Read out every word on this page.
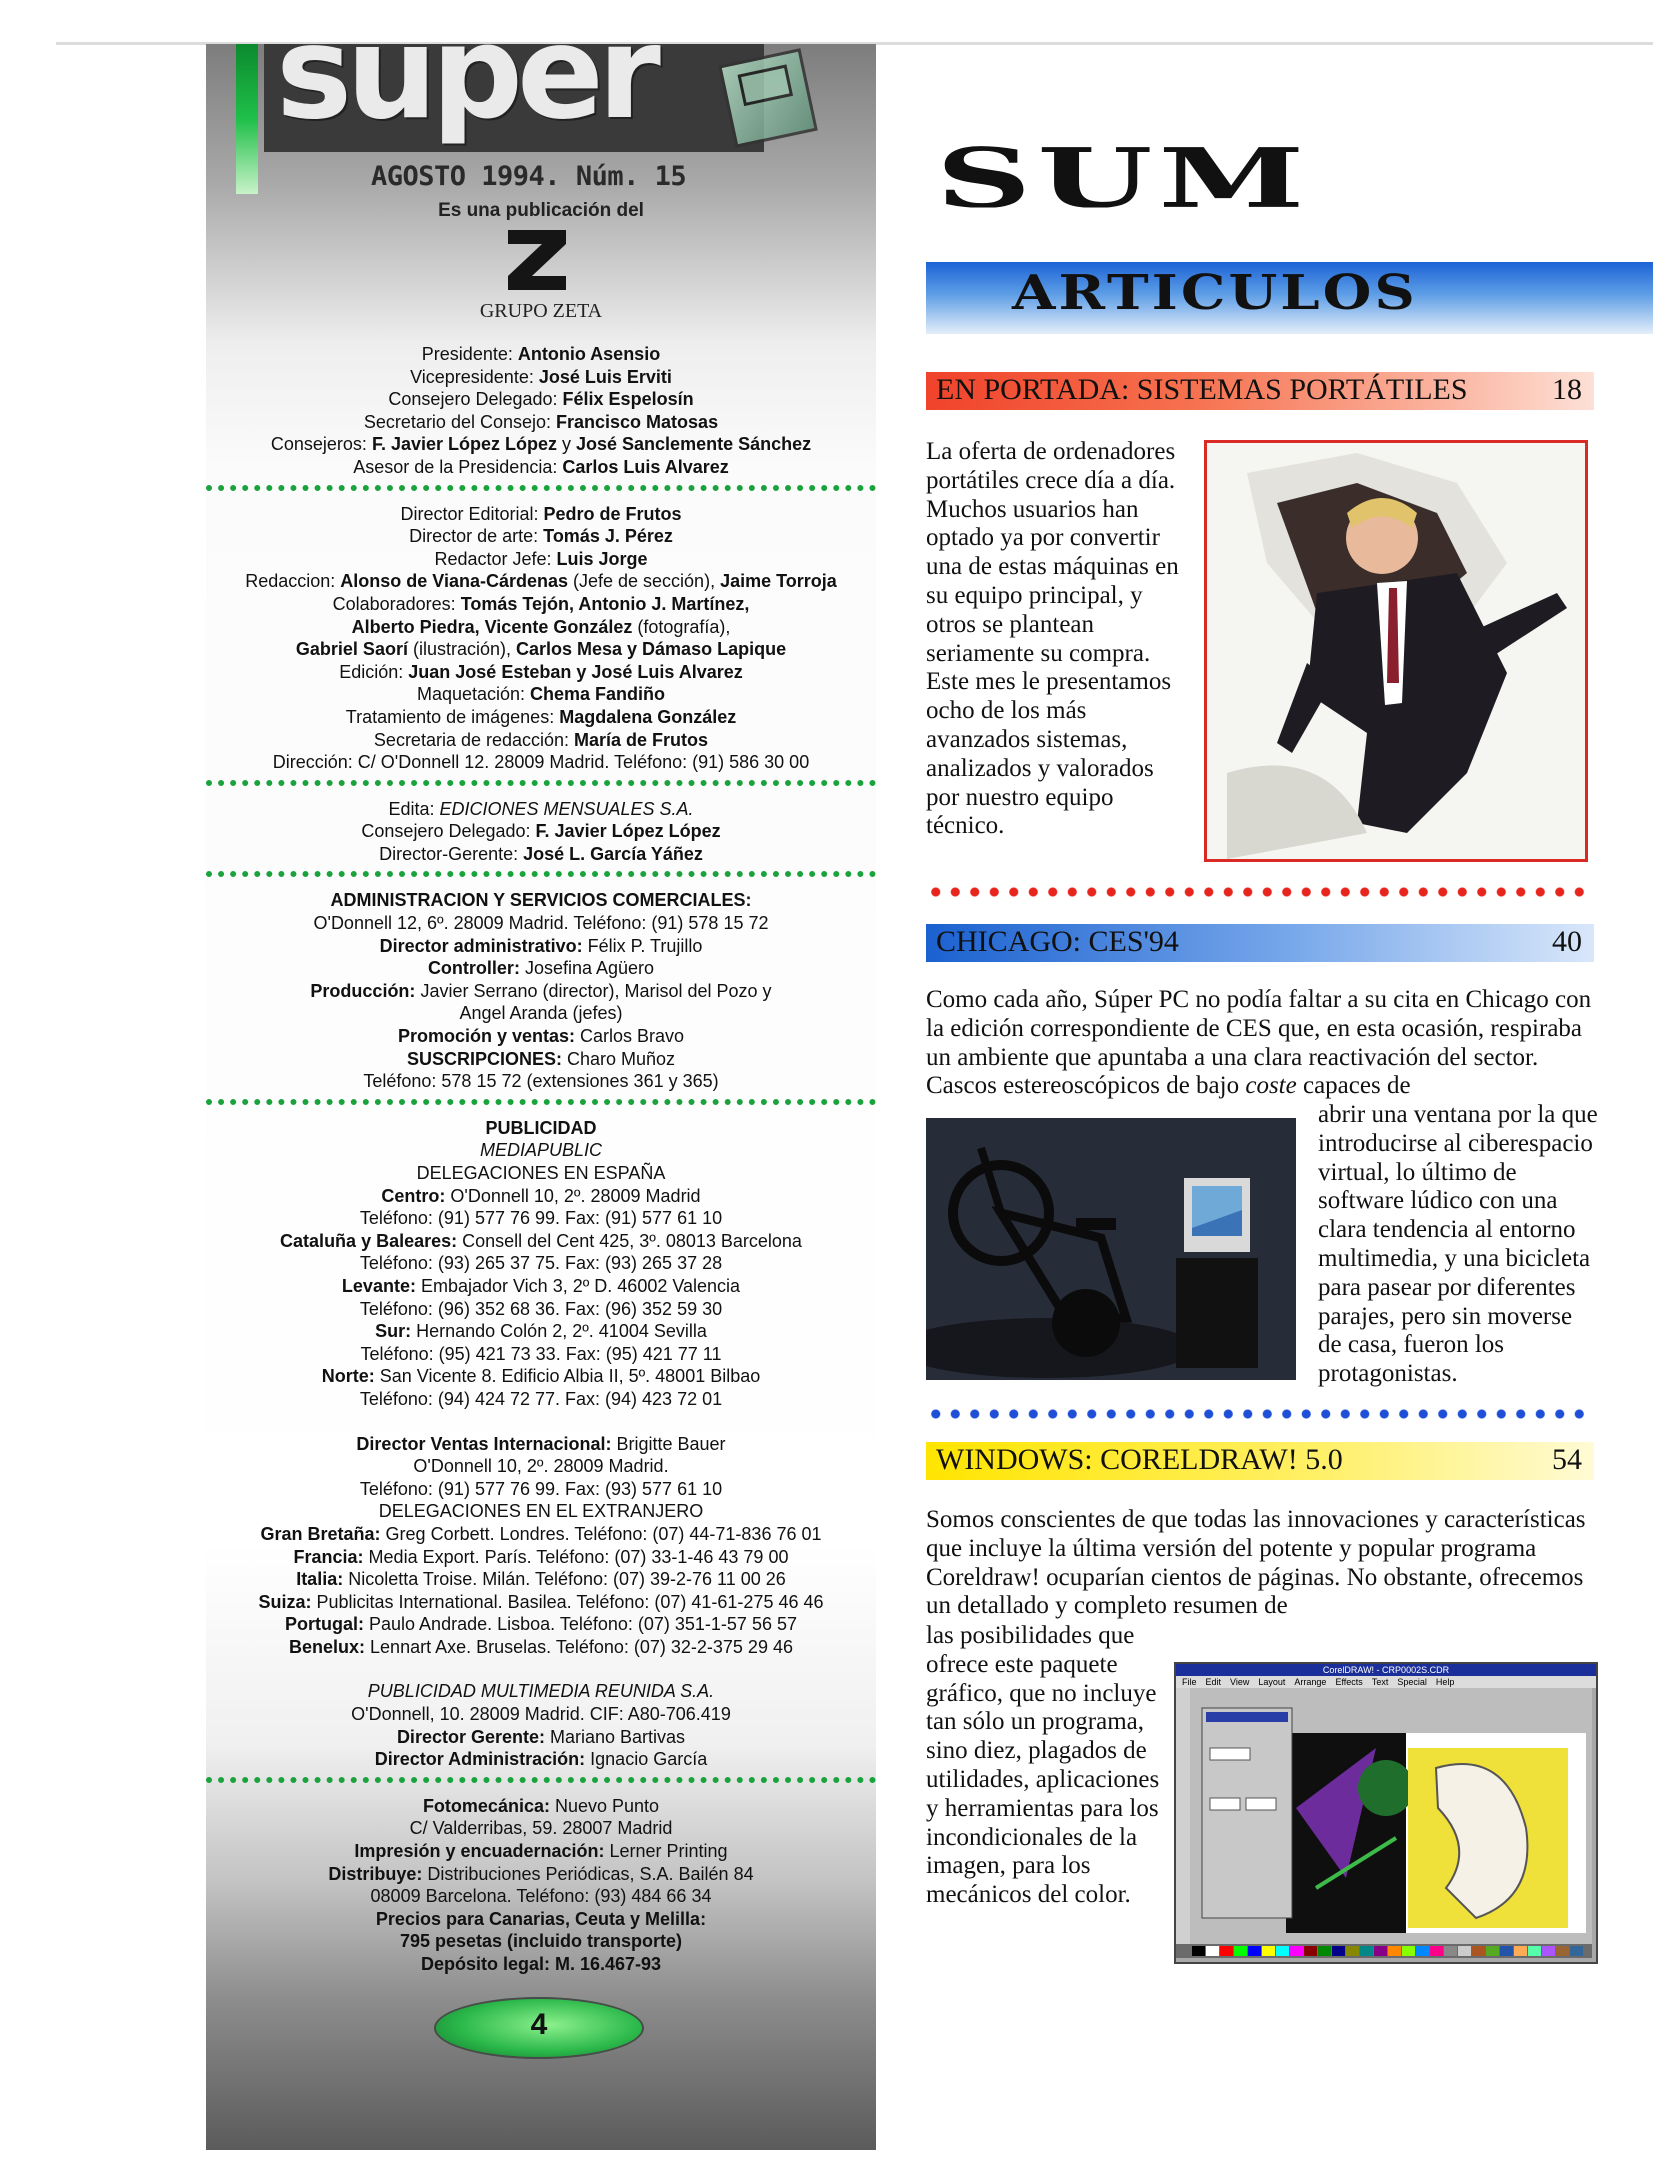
super
AGOSTO 1994. Núm. 15
Es una publicación del
GRUPO ZETA
Presidente: Antonio Asensio
Vicepresidente: José Luis Erviti
Consejero Delegado: Félix Espelosín
Secretario del Consejo: Francisco Matosas
Consejeros: F. Javier López López y José Sanclemente Sánchez
Asesor de la Presidencia: Carlos Luis Alvarez
Director Editorial: Pedro de Frutos
Director de arte: Tomás J. Pérez
Redactor Jefe: Luis Jorge
Redaccion: Alonso de Viana-Cárdenas (Jefe de sección), Jaime Torroja
Colaboradores: Tomás Tejón, Antonio J. Martínez,
Alberto Piedra, Vicente González (fotografía),
Gabriel Saorí (ilustración), Carlos Mesa y Dámaso Lapique
Edición: Juan José Esteban y José Luis Alvarez
Maquetación: Chema Fandiño
Tratamiento de imágenes: Magdalena González
Secretaria de redacción: María de Frutos
Dirección: C/ O'Donnell 12. 28009 Madrid. Teléfono: (91) 586 30 00
Edita: EDICIONES MENSUALES S.A.
Consejero Delegado: F. Javier López López
Director-Gerente: José L. García Yáñez
ADMINISTRACION Y SERVICIOS COMERCIALES:
O'Donnell 12, 6º. 28009 Madrid. Teléfono: (91) 578 15 72
Director administrativo: Félix P. Trujillo
Controller: Josefina Agüero
Producción: Javier Serrano (director), Marisol del Pozo y
Angel Aranda (jefes)
Promoción y ventas: Carlos Bravo
SUSCRIPCIONES: Charo Muñoz
Teléfono: 578 15 72 (extensiones 361 y 365)
PUBLICIDAD
MEDIAPUBLIC
DELEGACIONES EN ESPAÑA
Centro: O'Donnell 10, 2º. 28009 Madrid
Teléfono: (91) 577 76 99. Fax: (91) 577 61 10
Cataluña y Baleares: Consell del Cent 425, 3º. 08013 Barcelona
Teléfono: (93) 265 37 75. Fax: (93) 265 37 28
Levante: Embajador Vich 3, 2º D. 46002 Valencia
Teléfono: (96) 352 68 36. Fax: (96) 352 59 30
Sur: Hernando Colón 2, 2º. 41004 Sevilla
Teléfono: (95) 421 73 33. Fax: (95) 421 77 11
Norte: San Vicente 8. Edificio Albia II, 5º. 48001 Bilbao
Teléfono: (94) 424 72 77. Fax: (94) 423 72 01
Director Ventas Internacional: Brigitte Bauer
O'Donnell 10, 2º. 28009 Madrid.
Teléfono: (91) 577 76 99. Fax: (93) 577 61 10
DELEGACIONES EN EL EXTRANJERO
Gran Bretaña: Greg Corbett. Londres. Teléfono: (07) 44-71-836 76 01
Francia: Media Export. París. Teléfono: (07) 33-1-46 43 79 00
Italia: Nicoletta Troise. Milán. Teléfono: (07) 39-2-76 11 00 26
Suiza: Publicitas International. Basilea. Teléfono: (07) 41-61-275 46 46
Portugal: Paulo Andrade. Lisboa. Teléfono: (07) 351-1-57 56 57
Benelux: Lennart Axe. Bruselas. Teléfono: (07) 32-2-375 29 46
PUBLICIDAD MULTIMEDIA REUNIDA S.A.
O'Donnell, 10. 28009 Madrid. CIF: A80-706.419
Director Gerente: Mariano Bartivas
Director Administración: Ignacio García
Fotomecánica: Nuevo Punto
C/ Valderribas, 59. 28007 Madrid
Impresión y encuadernación: Lerner Printing
Distribuye: Distribuciones Periódicas, S.A. Bailén 84
08009 Barcelona. Teléfono: (93) 484 66 34
Precios para Canarias, Ceuta y Melilla:
795 pesetas (incluido transporte)
Depósito legal: M. 16.467-93
4
SUM
ARTICULOS
EN PORTADA: SISTEMAS PORTÁTILES	18
La oferta de ordenadores portátiles crece día a día. Muchos usuarios han optado ya por convertir una de estas máquinas en su equipo principal, y otros se plantean seriamente su compra. Este mes le presentamos ocho de los más avanzados sistemas, analizados y valorados por nuestro equipo técnico.
CHICAGO: CES'94	40
Como cada año, Súper PC no podía faltar a su cita en Chicago con la edición correspondiente de CES que, en esta ocasión, respiraba un ambiente que apuntaba a una clara reactivación del sector. Cascos estereoscópicos de bajo coste capaces de
abrir una ventana por la que introducirse al ciberespacio virtual, lo último de software lúdico con una clara tendencia al entorno multimedia, y una bicicleta para pasear por diferentes parajes, pero sin moverse de casa, fueron los protagonistas.
WINDOWS: CORELDRAW! 5.0	54
Somos conscientes de que todas las innovaciones y características que incluye la última versión del potente y popular programa Coreldraw! ocuparían cientos de páginas. No obstante, ofrecemos un detallado y completo resumen de
las posibilidades que ofrece este paquete gráfico, que no incluye tan sólo un programa, sino diez, plagados de utilidades, aplicaciones y herramientas para los incondicionales de la imagen, para los mecánicos del color.
CorelDRAW! - CRP0002S.CDR
File Edit View Layout Arrange Effects Text Special Help
